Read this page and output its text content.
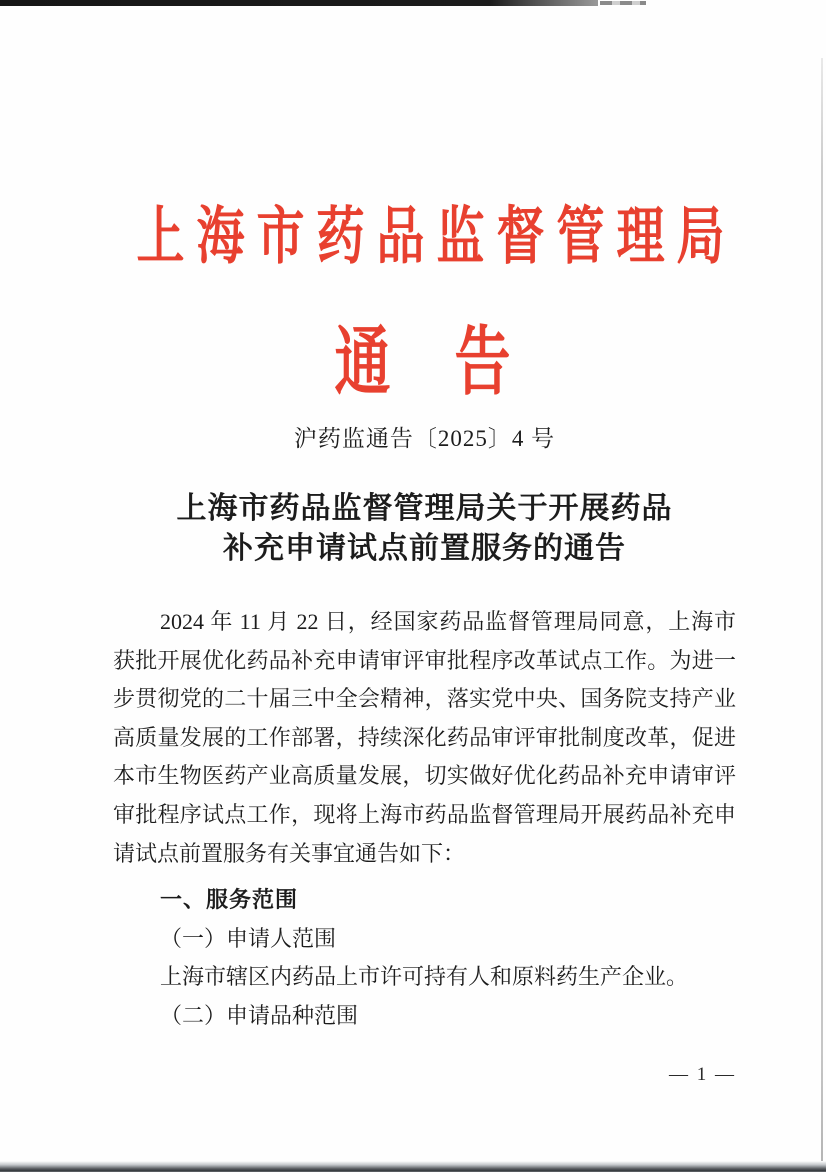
上海市药品监督管理局
通　告
沪药监通告〔2025〕4 号
上海市药品监督管理局关于开展药品
补充申请试点前置服务的通告
2024 年 11 月 22 日，经国家药品监督管理局同意，上海市
获批开展优化药品补充申请审评审批程序改革试点工作。为进一
步贯彻党的二十届三中全会精神，落实党中央、国务院支持产业
高质量发展的工作部署，持续深化药品审评审批制度改革，促进
本市生物医药产业高质量发展，切实做好优化药品补充申请审评
审批程序试点工作，现将上海市药品监督管理局开展药品补充申
请试点前置服务有关事宜通告如下：
一、服务范围
（一）申请人范围
上海市辖区内药品上市许可持有人和原料药生产企业。
（二）申请品种范围
— 1 —
